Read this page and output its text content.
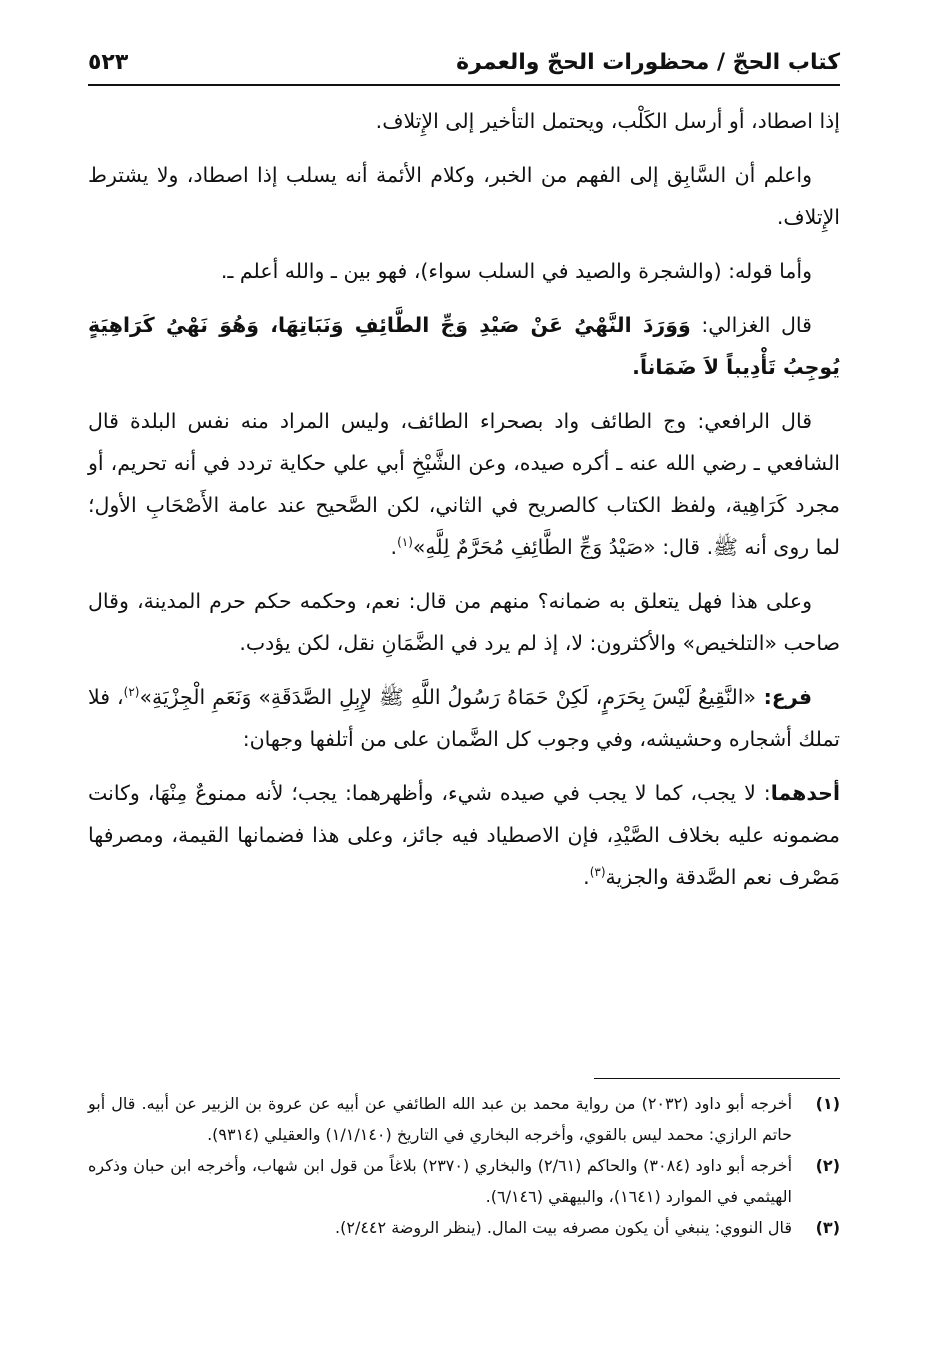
كتاب الحجّ / محظورات الحجّ والعمرة
٥٢٣

إذا اصطاد، أو أرسل الكَلْب، ويحتمل التأخير إلى الإِتلاف.

واعلم أن السَّابِق إلى الفهم من الخبر، وكلام الأئمة أنه يسلب إذا اصطاد، ولا يشترط الإِتلاف.

وأما قوله: (والشجرة والصيد في السلب سواء)، فهو بين ـ والله أعلم ـ.

قال الغزالي: وَوَرَدَ النَّهْيُ عَنْ صَيْدِ وَجِّ الطَّائِفِ وَنَبَاتِهَا، وَهُوَ نَهْيُ كَرَاهِيَةٍ يُوجِبُ تَأْدِيباً لاَ ضَمَاناً.

قال الرافعي: وج الطائف واد بصحراء الطائف، وليس المراد منه نفس البلدة قال الشافعي ـ رضي الله عنه ـ أكره صيده، وعن الشَّيْخِ أبي علي حكاية تردد في أنه تحريم، أو مجرد كَرَاهِية، ولفظ الكتاب كالصريح في الثاني، لكن الصَّحيح عند عامة الأَصْحَابِ الأول؛ لما روى أنه ﷺ. قال: «صَيْدُ وَجِّ الطَّائِفِ مُحَرَّمٌ لِلَّهِ»$^{(١)}$.

وعلى هذا فهل يتعلق به ضمانه؟ منهم من قال: نعم، وحكمه حكم حرم المدينة، وقال صاحب «التلخيص» والأكثرون: لا، إذ لم يرد في الضَّمَانِ نقل، لكن يؤدب.

فرع: «النَّقِيعُ لَيْسَ بِحَرَمٍ، لَكِنْ حَمَاهُ رَسُولُ اللَّهِ ﷺ لإِبِلِ الصَّدَقَةِ» وَنَعَمِ الْجِزْيَةِ»$^{(٢)}$، فلا تملك أشجاره وحشيشه، وفي وجوب كل الضَّمان على من أتلفها وجهان:

أحدهما: لا يجب، كما لا يجب في صيده شيء، وأظهرهما: يجب؛ لأنه ممنوعٌ مِنْهَا، وكانت مضمونه عليه بخلاف الصَّيْدِ، فإن الاصطياد فيه جائز، وعلى هذا فضمانها القيمة، ومصرفها مَصْرف نعم الصَّدقة والجزية$^{(٣)}$.

(١)
أخرجه أبو داود (٢٠٣٢) من رواية محمد بن عبد الله الطائفي عن أبيه عن عروة بن الزبير عن أبيه. قال أبو حاتم الرازي: محمد ليس بالقوي، وأخرجه البخاري في التاريخ (١/١/١٤٠) والعقيلي (٩٣١٤).
(٢)
أخرجه أبو داود (٣٠٨٤) والحاكم (٢/٦١) والبخاري (٢٣٧٠) بلاغاً من قول ابن شهاب، وأخرجه ابن حبان وذكره الهيثمي في الموارد (١٦٤١)، والبيهقي (٦/١٤٦).
(٣)
قال النووي: ينبغي أن يكون مصرفه بيت المال. (ينظر الروضة ٢/٤٤٢).
